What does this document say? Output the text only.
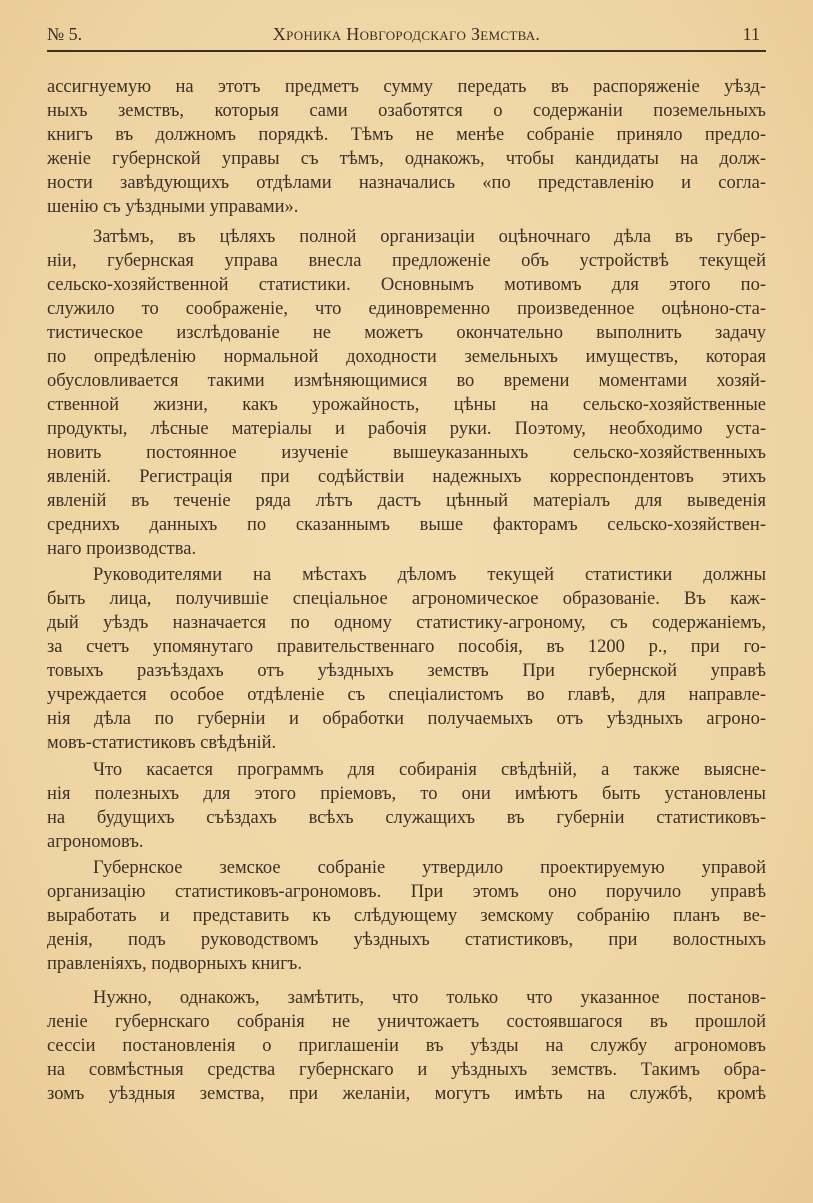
№ 5.	Хроника Новгородскаго Земства.	11
ассигнуемую на этотъ предметъ сумму передать въ распоряженіе уѣзд-
ныхъ земствъ, которыя сами озаботятся о содержаніи поземельныхъ
книгъ въ должномъ порядкѣ. Тѣмъ не менѣе собраніе приняло предло-
женіе губернской управы съ тѣмъ, однакожъ, чтобы кандидаты на долж-
ности завѣдующихъ отдѣлами назначались «по представленію и согла-
шенію съ уѣздными управами».
Затѣмъ, въ цѣляхъ полной организаціи оцѣночнаго дѣла въ губер-
ніи, губернская управа внесла предложеніе объ устройствѣ текущей
сельско-хозяйственной статистики. Основнымъ мотивомъ для этого по-
служило то соображеніе, что единовременно произведенное оцѣноно-ста-
тистическое изслѣдованіе не можетъ окончательно выполнить задачу
по опредѣленію нормальной доходности земельныхъ имуществъ, которая
обусловливается такими измѣняющимися во времени моментами хозяй-
ственной жизни, какъ урожайность, цѣны на сельско-хозяйственные
продукты, лѣсные матеріалы и рабочія руки. Поэтому, необходимо уста-
новить постоянное изученіе вышеуказанныхъ сельско-хозяйственныхъ
явленій. Регистрація при содѣйствіи надежныхъ корреспондентовъ этихъ
явленій въ теченіе ряда лѣтъ дастъ цѣнный матеріалъ для выведенія
среднихъ данныхъ по сказаннымъ выше факторамъ сельско-хозяйствен-
наго производства.
Руководителями на мѣстахъ дѣломъ текущей статистики должны
быть лица, получившіе спеціальное агрономическое образованіе. Въ каж-
дый уѣздъ назначается по одному статистику-агроному, съ содержаніемъ,
за счетъ упомянутаго правительственнаго пособія, въ 1200 р., при го-
товыхъ разъѣздахъ отъ уѣздныхъ земствъ При губернской управѣ
учреждается особое отдѣленіе съ спеціалистомъ во главѣ, для направле-
нія дѣла по губерніи и обработки получаемыхъ отъ уѣздныхъ агроно-
мовъ-статистиковъ свѣдѣній.
Что касается программъ для собиранія свѣдѣній, а также выясне-
нія полезныхъ для этого пріемовъ, то они имѣютъ быть установлены
на будущихъ съѣздахъ всѣхъ служащихъ въ губерніи статистиковъ-
агрономовъ.
Губернское земское собраніе утвердило проектируемую управой
организацію статистиковъ-агрономовъ. При этомъ оно поручило управѣ
выработать и представить къ слѣдующему земскому собранію планъ ве-
денія, подъ руководствомъ уѣздныхъ статистиковъ, при волостныхъ
правленіяхъ, подворныхъ книгъ.
Нужно, однакожъ, замѣтить, что только что указанное постанов-
леніе губернскаго собранія не уничтожаетъ состоявшагося въ прошлой
сессіи постановленія о приглашеніи въ уѣзды на службу агрономовъ
на совмѣстныя средства губернскаго и уѣздныхъ земствъ. Такимъ обра-
зомъ уѣздныя земства, при желаніи, могутъ имѣть на службѣ, кромѣ
